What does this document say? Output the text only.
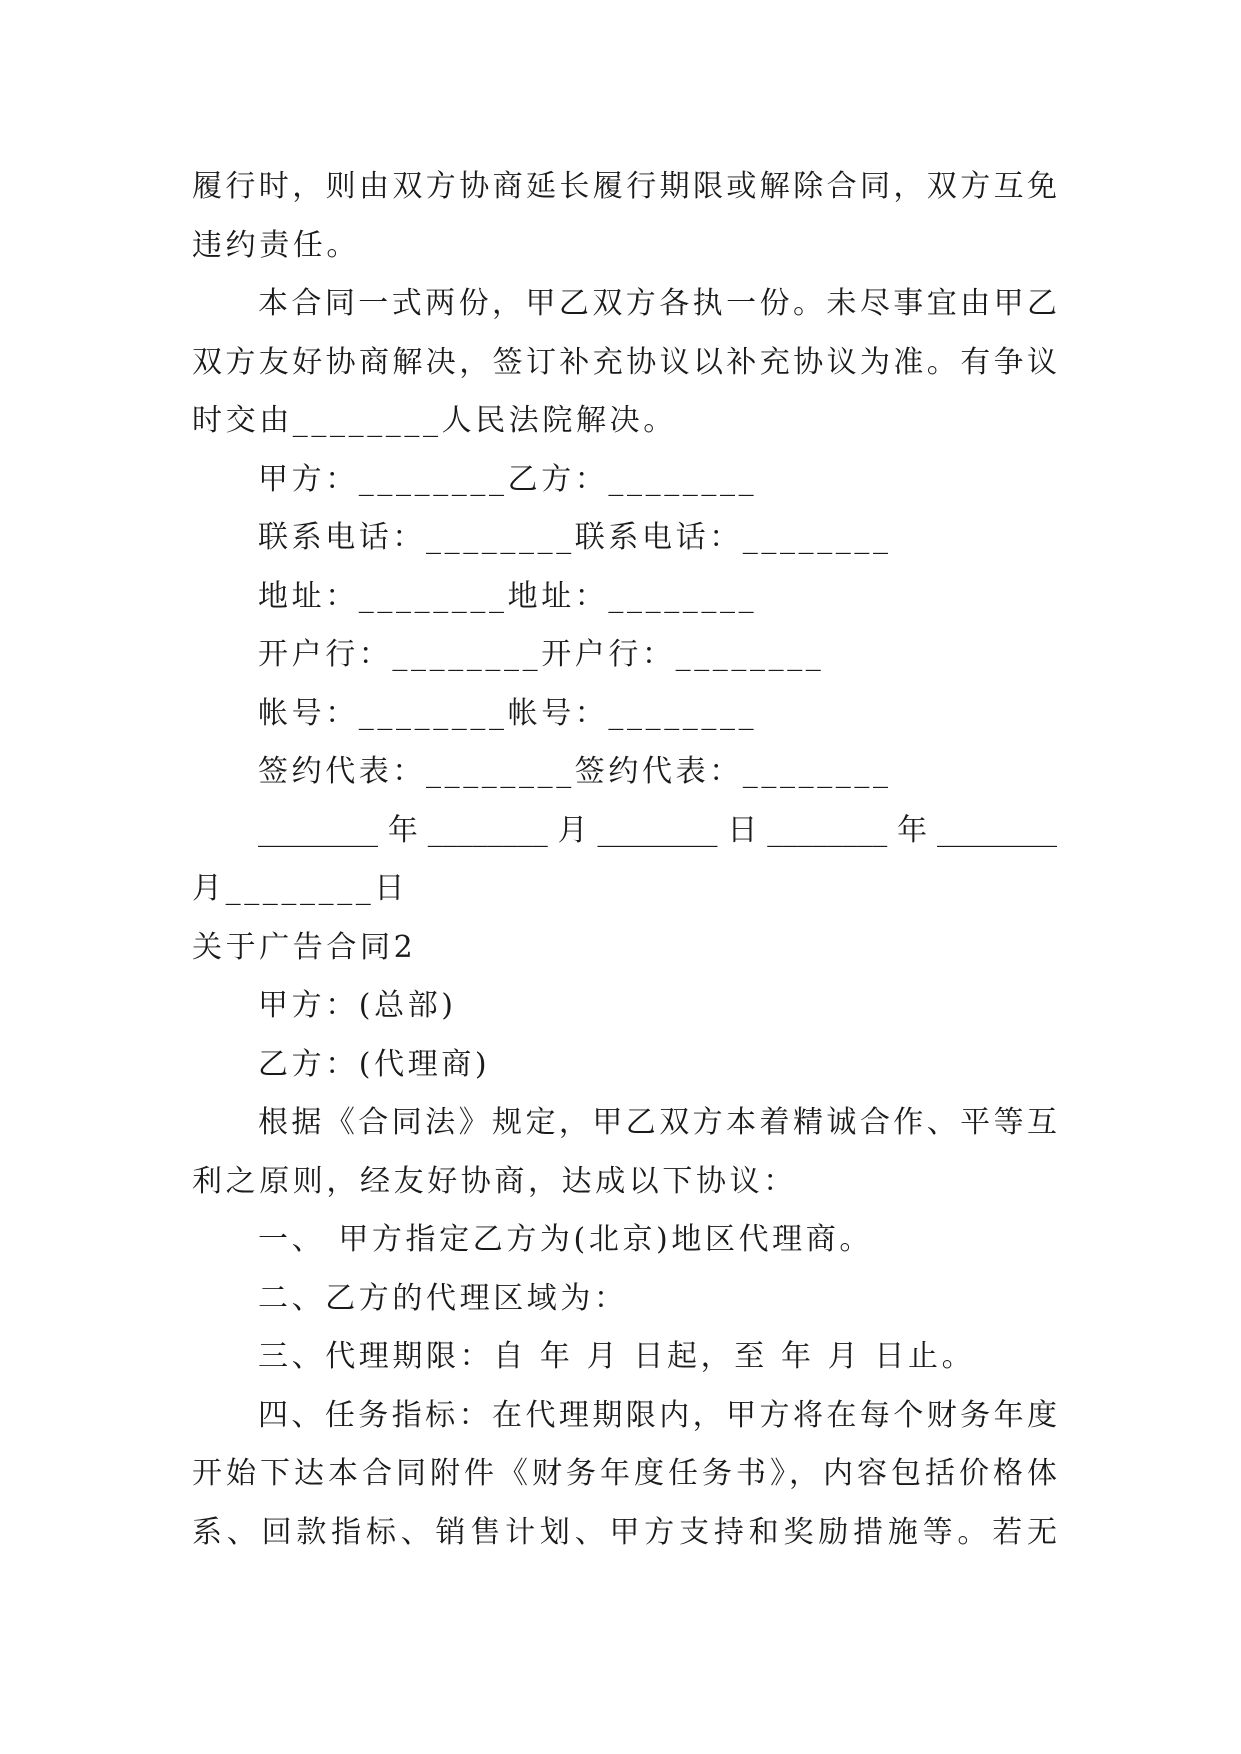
履行时，则由双方协商延长履行期限或解除合同，双方互免
违约责任。
本合同一式两份，甲乙双方各执一份。未尽事宜由甲乙
双方友好协商解决，签订补充协议以补充协议为准。有争议
时交由________人民法院解决。
甲方：________乙方：________
联系电话：________联系电话：________
地址：________地址：________
开户行：________开户行：________
帐号：________帐号：________
签约代表：________签约代表：________
________年________月________日________年________
月________日
关于广告合同2
甲方：(总部)
乙方：(代理商)
根据《合同法》规定，甲乙双方本着精诚合作、平等互
利之原则，经友好协商，达成以下协议：
一、 甲方指定乙方为(北京)地区代理商。
二、乙方的代理区域为：
三、代理期限：自 年 月 日起，至 年 月 日止。
四、任务指标：在代理期限内，甲方将在每个财务年度
开始下达本合同附件《财务年度任务书》，内容包括价格体
系、回款指标、销售计划、甲方支持和奖励措施等。若无
